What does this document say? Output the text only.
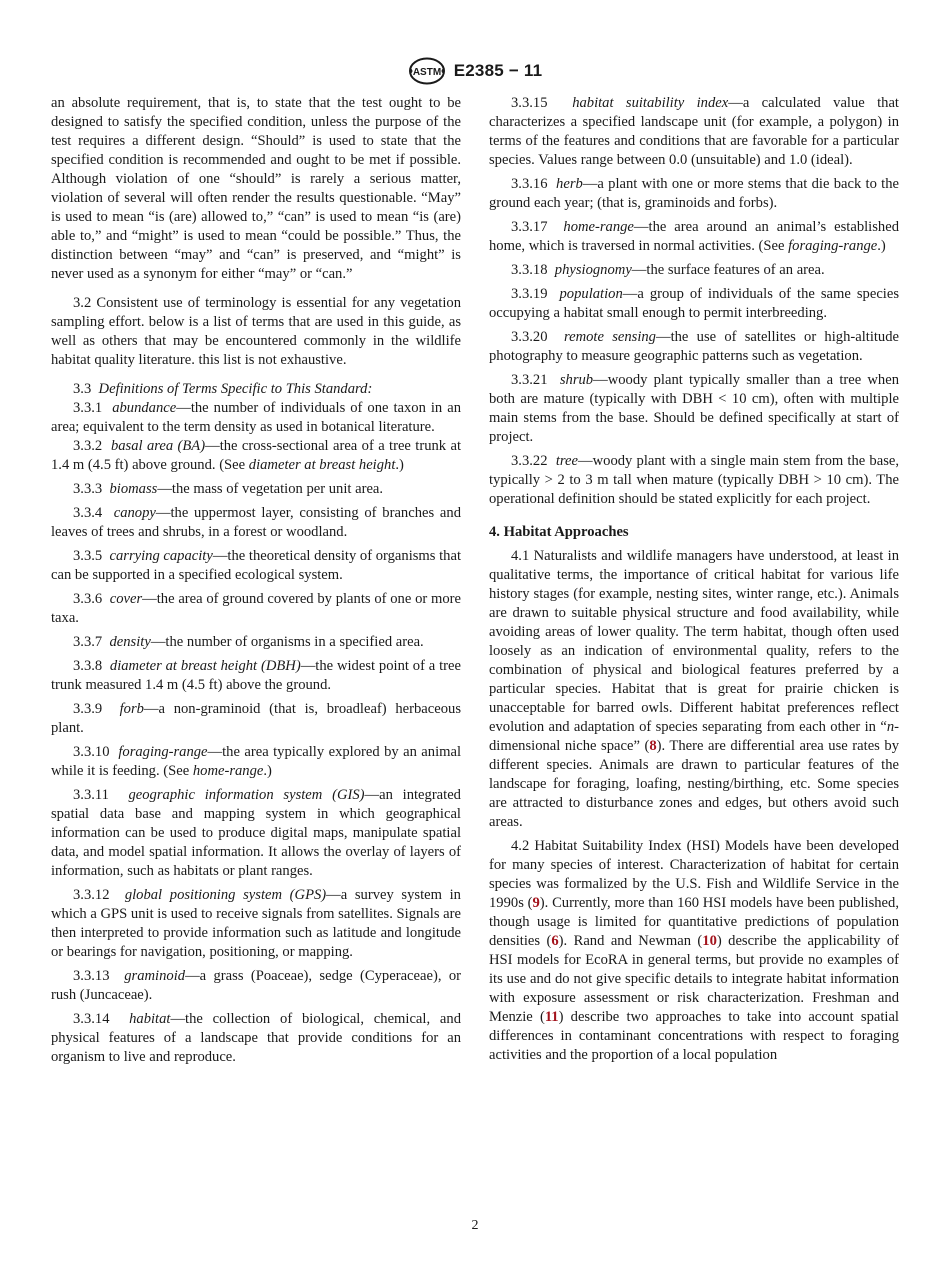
ASTM E2385 − 11

an absolute requirement, that is, to state that the test ought to be designed to satisfy the specified condition, unless the purpose of the test requires a different design. “Should” is used to state that the specified condition is recommended and ought to be met if possible. Although violation of one “should” is rarely a serious matter, violation of several will often render the results questionable. “May” is used to mean “is (are) allowed to,” “can” is used to mean “is (are) able to,” and “might” is used to mean “could be possible.” Thus, the distinction between “may” and “can” is preserved, and “might” is never used as a synonym for either “may” or “can.”

3.2 Consistent use of terminology is essential for any vegetation sampling effort. below is a list of terms that are used in this guide, as well as others that may be encountered commonly in the wildlife habitat quality literature. this list is not exhaustive.

3.3 Definitions of Terms Specific to This Standard:

3.3.1 abundance—the number of individuals of one taxon in an area; equivalent to the term density as used in botanical literature.

3.3.2 basal area (BA)—the cross-sectional area of a tree trunk at 1.4 m (4.5 ft) above ground. (See diameter at breast height.)

3.3.3 biomass—the mass of vegetation per unit area.

3.3.4 canopy—the uppermost layer, consisting of branches and leaves of trees and shrubs, in a forest or woodland.

3.3.5 carrying capacity—the theoretical density of organisms that can be supported in a specified ecological system.

3.3.6 cover—the area of ground covered by plants of one or more taxa.

3.3.7 density—the number of organisms in a specified area.

3.3.8 diameter at breast height (DBH)—the widest point of a tree trunk measured 1.4 m (4.5 ft) above the ground.

3.3.9 forb—a non-graminoid (that is, broadleaf) herbaceous plant.

3.3.10 foraging-range—the area typically explored by an animal while it is feeding. (See home-range.)

3.3.11 geographic information system (GIS)—an integrated spatial data base and mapping system in which geographical information can be used to produce digital maps, manipulate spatial data, and model spatial information. It allows the overlay of layers of information, such as habitats or plant ranges.

3.3.12 global positioning system (GPS)—a survey system in which a GPS unit is used to receive signals from satellites. Signals are then interpreted to provide information such as latitude and longitude or bearings for navigation, positioning, or mapping.

3.3.13 graminoid—a grass (Poaceae), sedge (Cyperaceae), or rush (Juncaceae).

3.3.14 habitat—the collection of biological, chemical, and physical features of a landscape that provide conditions for an organism to live and reproduce.

3.3.15 habitat suitability index—a calculated value that characterizes a specified landscape unit (for example, a polygon) in terms of the features and conditions that are favorable for a particular species. Values range between 0.0 (unsuitable) and 1.0 (ideal).

3.3.16 herb—a plant with one or more stems that die back to the ground each year; (that is, graminoids and forbs).

3.3.17 home-range—the area around an animal’s established home, which is traversed in normal activities. (See foraging-range.)

3.3.18 physiognomy—the surface features of an area.

3.3.19 population—a group of individuals of the same species occupying a habitat small enough to permit interbreeding.

3.3.20 remote sensing—the use of satellites or high-altitude photography to measure geographic patterns such as vegetation.

3.3.21 shrub—woody plant typically smaller than a tree when both are mature (typically with DBH < 10 cm), often with multiple main stems from the base. Should be defined specifically at start of project.

3.3.22 tree—woody plant with a single main stem from the base, typically > 2 to 3 m tall when mature (typically DBH > 10 cm). The operational definition should be stated explicitly for each project.

4. Habitat Approaches

4.1 Naturalists and wildlife managers have understood, at least in qualitative terms, the importance of critical habitat for various life history stages (for example, nesting sites, winter range, etc.). Animals are drawn to suitable physical structure and food availability, while avoiding areas of lower quality. The term habitat, though often used loosely as an indication of environmental quality, refers to the combination of physical and biological features preferred by a particular species. Habitat that is great for prairie chicken is unacceptable for barred owls. Different habitat preferences reflect evolution and adaptation of species separating from each other in “n-dimensional niche space” (8). There are differential area use rates by different species. Animals are drawn to particular features of the landscape for foraging, loafing, nesting/birthing, etc. Some species are attracted to disturbance zones and edges, but others avoid such areas.

4.2 Habitat Suitability Index (HSI) Models have been developed for many species of interest. Characterization of habitat for certain species was formalized by the U.S. Fish and Wildlife Service in the 1990s (9). Currently, more than 160 HSI models have been published, though usage is limited for quantitative predictions of population densities (6). Rand and Newman (10) describe the applicability of HSI models for EcoRA in general terms, but provide no examples of its use and do not give specific details to integrate habitat information with exposure assessment or risk characterization. Freshman and Menzie (11) describe two approaches to take into account spatial differences in contaminant concentrations with respect to foraging activities and the proportion of a local population

2
